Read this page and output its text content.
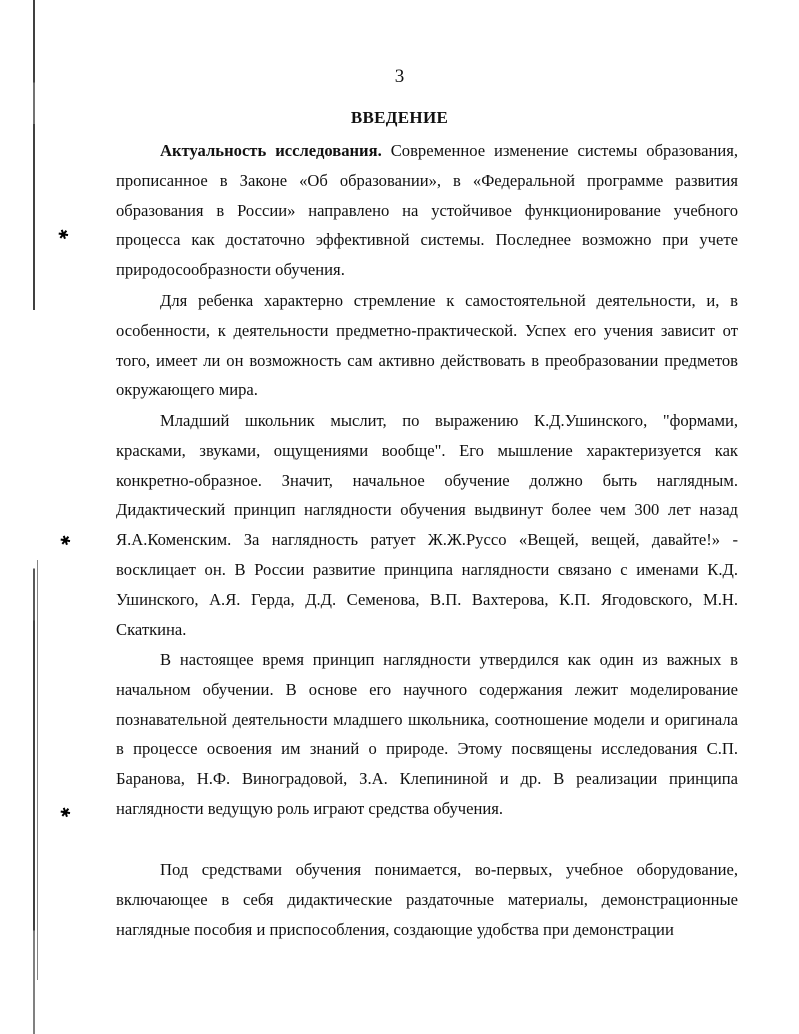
✱
✱
✱
3
ВВЕДЕНИЕ

Актуальность исследования. Современное изменение системы образования, прописанное в Законе «Об образовании», в «Федеральной программе развития образования в России» направлено на устойчивое функционирование учебного процесса как достаточно эффективной системы. Последнее возможно при учете природосообразности обучения.

Для ребенка характерно стремление к самостоятельной деятельности, и, в особенности, к деятельности предметно-практической. Успех его учения зависит от того, имеет ли он возможность сам активно действовать в преобразовании предметов окружающего мира.

Младший школьник мыслит, по выражению К.Д.Ушинского, "формами, красками, звуками, ощущениями вообще". Его мышление характеризуется как конкретно-образное. Значит, начальное обучение должно быть наглядным. Дидактический принцип наглядности обучения выдвинут более чем 300 лет назад Я.А.Коменским. За наглядность ратует Ж.Ж.Руссо «Вещей, вещей, давайте!» - восклицает он. В России развитие принципа наглядности связано с именами К.Д. Ушинского, А.Я. Герда, Д.Д. Семенова, В.П. Вахтерова, К.П. Ягодовского, М.Н. Скаткина.

В настоящее время принцип наглядности утвердился как один из важных в начальном обучении. В основе его научного содержания лежит моделирование познавательной деятельности младшего школьника, соотношение модели и оригинала в процессе освоения им знаний о природе. Этому посвящены исследования С.П. Баранова, Н.Ф. Виноградовой, З.А. Клепининой и др. В реализации принципа наглядности ведущую роль играют средства обучения.

Под средствами обучения понимается, во-первых, учебное оборудование, включающее в себя дидактические раздаточные материалы, демонстрационные наглядные пособия и приспособления, создающие удобства при демонстрации
